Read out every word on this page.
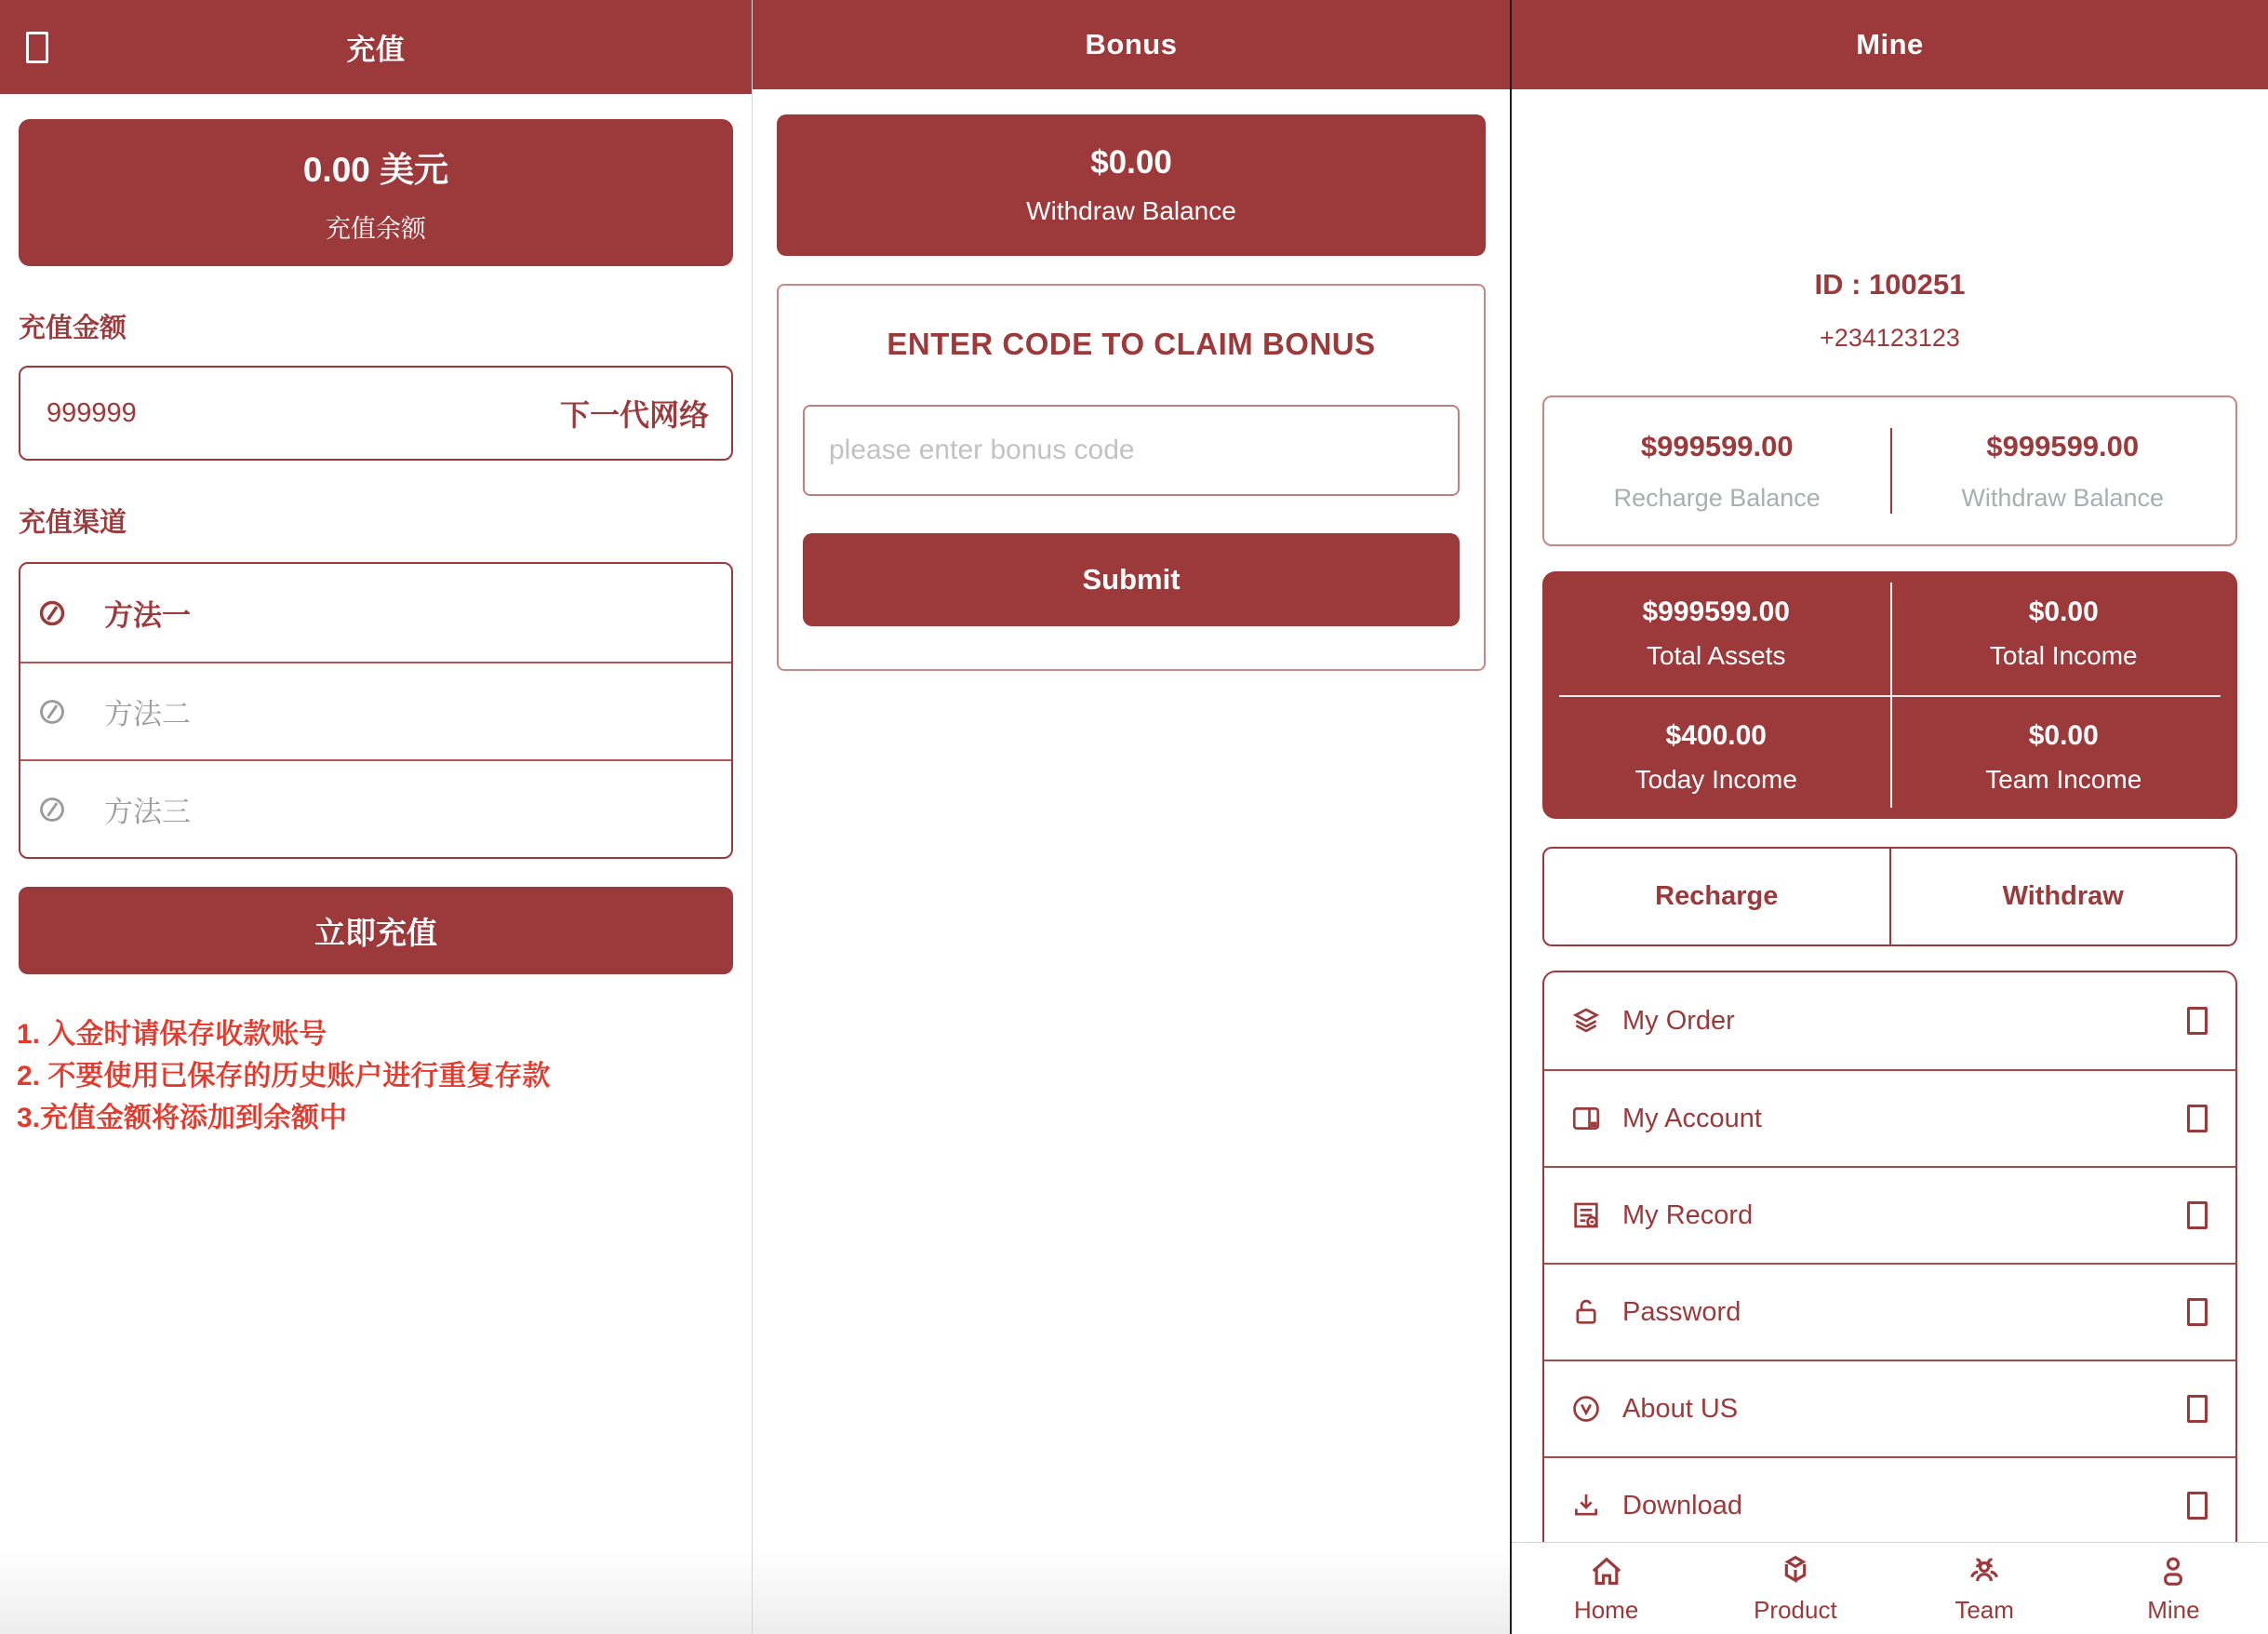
充值
0.00 美元
充值余额
充值金额
999999
下一代网络
充值渠道
方法一
方法二
方法三
立即充值
1. 入金时请保存收款账号
2. 不要使用已保存的历史账户进行重复存款
3.充值金额将添加到余额中
Bonus
$0.00
Withdraw Balance
ENTER CODE TO CLAIM BONUS
please enter bonus code
Submit
Mine
ID : 100251
+234123123
$999599.00
Recharge Balance
$999599.00
Withdraw Balance
$999599.00
Total Assets
$0.00
Total Income
$400.00
Today Income
$0.00
Team Income
Recharge	Withdraw
My Order
My Account
My Record
Password
About US
Download
Home	Product	Team	Mine
